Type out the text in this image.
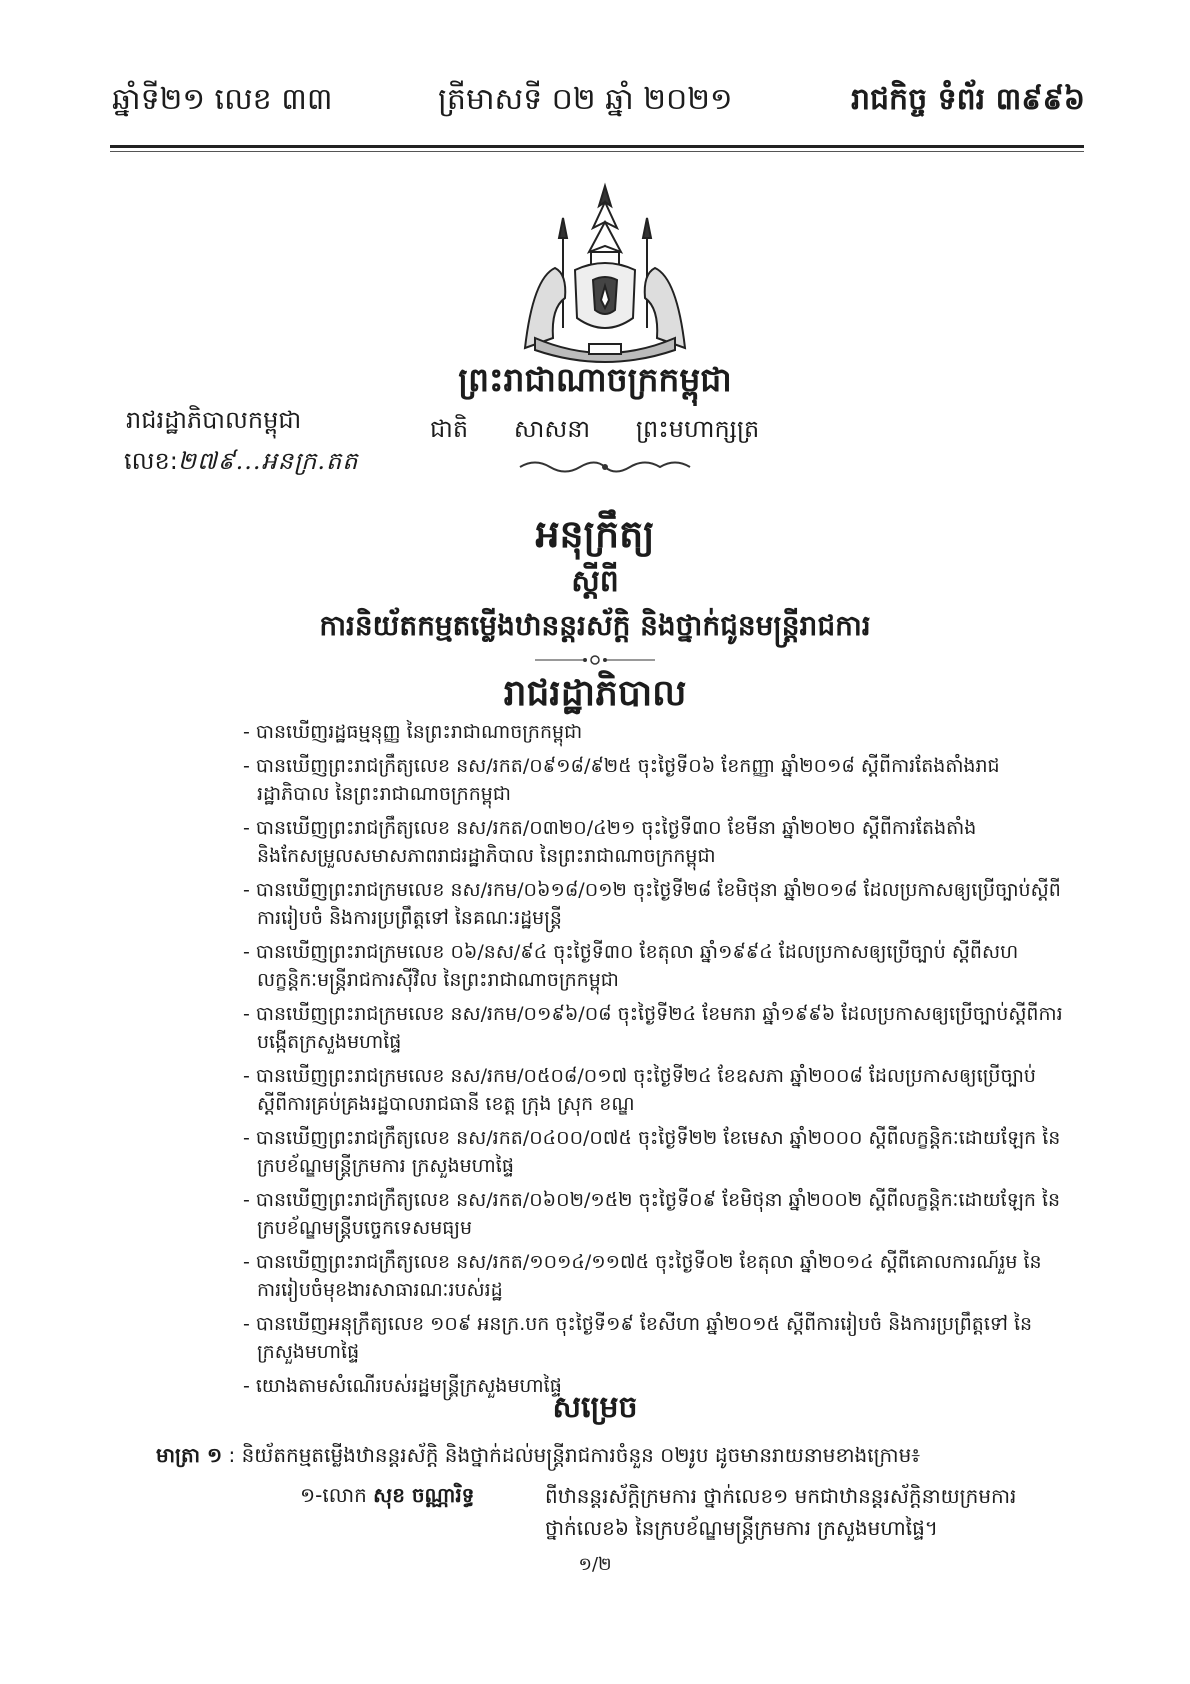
ឆ្នាំទី២១ លេខ ៣៣	ត្រីមាសទី ០២ ឆ្នាំ ២០២១	រាជកិច្ច ទំព័រ ៣៩៩៦
ព្រះរាជាណាចក្រកម្ពុជា
ជាតិ សាសនា ព្រះមហាក្សត្រ
រាជរដ្ឋាភិបាលកម្ពុជា
លេខ:២៧៩...អនក្រ.តត
អនុក្រឹត្យ
ស្តីពី
ការនិយ័តកម្មតម្លើងឋានន្តរស័ក្តិ និងថ្នាក់ជូនមន្ត្រីរាជការ
រាជរដ្ឋាភិបាល
- បានឃើញរដ្ឋធម្មនុញ្ញ នៃព្រះរាជាណាចក្រកម្ពុជា
- បានឃើញព្រះរាជក្រឹត្យលេខ នស/រកត/០៩១៨/៩២៥ ចុះថ្ងៃទី០៦ ខែកញ្ញា ឆ្នាំ២០១៨ ស្តីពីការតែងតាំងរាជរដ្ឋាភិបាល នៃព្រះរាជាណាចក្រកម្ពុជា
- បានឃើញព្រះរាជក្រឹត្យលេខ នស/រកត/០៣២០/៤២១ ចុះថ្ងៃទី៣០ ខែមីនា ឆ្នាំ២០២០ ស្តីពីការតែងតាំង និងកែសម្រួលសមាសភាពរាជរដ្ឋាភិបាល នៃព្រះរាជាណាចក្រកម្ពុជា
- បានឃើញព្រះរាជក្រមលេខ នស/រកម/០៦១៨/០១២ ចុះថ្ងៃទី២៨ ខែមិថុនា ឆ្នាំ២០១៨ ដែលប្រកាសឲ្យប្រើច្បាប់ស្តីពីការរៀបចំ និងការប្រព្រឹត្តទៅ នៃគណៈរដ្ឋមន្ត្រី
- បានឃើញព្រះរាជក្រមលេខ ០៦/នស/៩៤ ចុះថ្ងៃទី៣០ ខែតុលា ឆ្នាំ១៩៩៤ ដែលប្រកាសឲ្យប្រើច្បាប់ ស្តីពីសហលក្ខន្តិកៈមន្ត្រីរាជការស៊ីវិល នៃព្រះរាជាណាចក្រកម្ពុជា
- បានឃើញព្រះរាជក្រមលេខ នស/រកម/០១៩៦/០៨ ចុះថ្ងៃទី២៤ ខែមករា ឆ្នាំ១៩៩៦ ដែលប្រកាសឲ្យប្រើច្បាប់ស្តីពីការបង្កើតក្រសួងមហាផ្ទៃ
- បានឃើញព្រះរាជក្រមលេខ នស/រកម/០៥០៨/០១៧ ចុះថ្ងៃទី២៤ ខែឧសភា ឆ្នាំ២០០៨ ដែលប្រកាសឲ្យប្រើច្បាប់ស្តីពីការគ្រប់គ្រងរដ្ឋបាលរាជធានី ខេត្ត ក្រុង ស្រុក ខណ្ឌ
- បានឃើញព្រះរាជក្រឹត្យលេខ នស/រកត/០៤០០/០៧៥ ចុះថ្ងៃទី២២ ខែមេសា ឆ្នាំ២០០០ ស្តីពីលក្ខន្តិកៈដោយឡែក នៃក្របខ័ណ្ឌមន្ត្រីក្រមការ ក្រសួងមហាផ្ទៃ
- បានឃើញព្រះរាជក្រឹត្យលេខ នស/រកត/០៦០២/១៥២ ចុះថ្ងៃទី០៩ ខែមិថុនា ឆ្នាំ២០០២ ស្តីពីលក្ខន្តិកៈដោយឡែក នៃក្របខ័ណ្ឌមន្ត្រីបច្ចេកទេសមធ្យម
- បានឃើញព្រះរាជក្រឹត្យលេខ នស/រកត/១០១៤/១១៧៥ ចុះថ្ងៃទី០២ ខែតុលា ឆ្នាំ២០១៤ ស្តីពីគោលការណ៍រួម នៃការរៀបចំមុខងារសាធារណៈរបស់រដ្ឋ
- បានឃើញអនុក្រឹត្យលេខ ១០៩ អនក្រ.បក ចុះថ្ងៃទី១៩ ខែសីហា ឆ្នាំ២០១៥ ស្តីពីការរៀបចំ និងការប្រព្រឹត្តទៅ នៃក្រសួងមហាផ្ទៃ
- យោងតាមសំណើរបស់រដ្ឋមន្ត្រីក្រសួងមហាផ្ទៃ
សម្រេច
មាត្រា ១ : និយ័តកម្មតម្លើងឋានន្តរស័ក្តិ និងថ្នាក់ដល់មន្ត្រីរាជការចំនួន ០២រូប ដូចមានរាយនាមខាងក្រោម៖
១-លោក សុខ ចណ្ណារិទ្ធ	ពីឋានន្តរស័ក្តិក្រមការ ថ្នាក់លេខ១ មកជាឋានន្តរស័ក្តិនាយក្រមការ ថ្នាក់លេខ៦ នៃក្របខ័ណ្ឌមន្ត្រីក្រមការ ក្រសួងមហាផ្ទៃ។
១/២
